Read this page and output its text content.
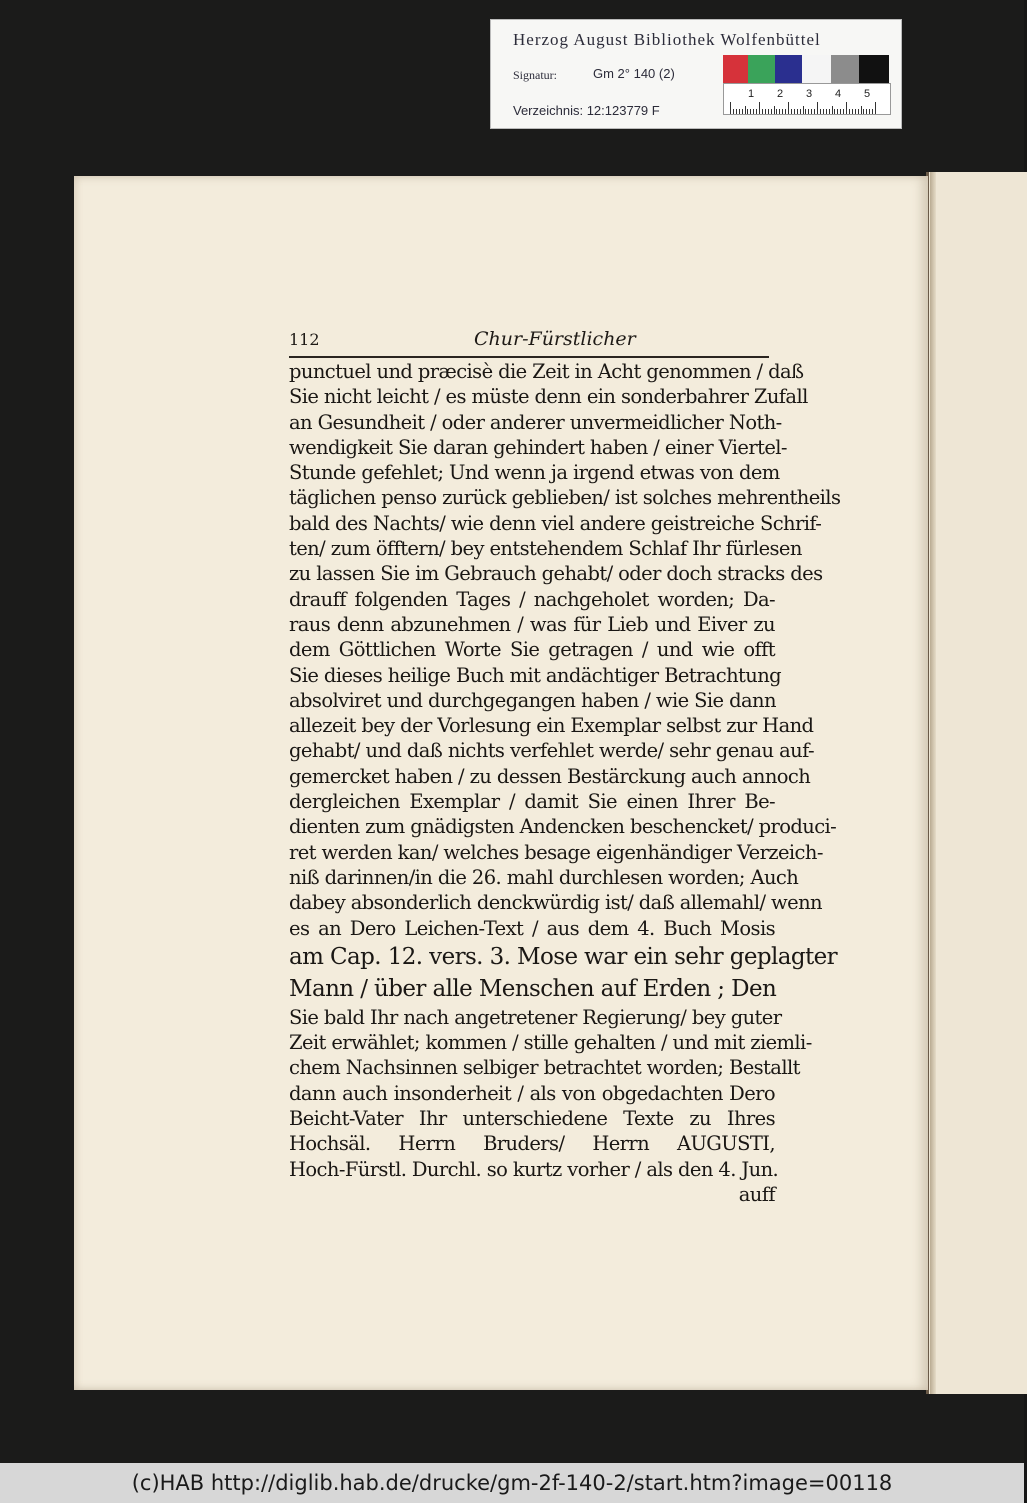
Herzog August Bibliothek Wolfenbüttel
Signatur:	Gm 2° 140 (2)
Verzeichnis: 12:123779 F
1 2 3 4 5
112	Chur-Fürstlicher
punctuel und præcisè die Zeit in Acht genommen / daß
Sie nicht leicht / es müste denn ein sonderbahrer Zufall
an Gesundheit / oder anderer unvermeidlicher Noth-
wendigkeit Sie daran gehindert haben / einer Viertel-
Stunde gefehlet; Und wenn ja irgend etwas von dem
täglichen penso zurück geblieben/ ist solches mehrentheils
bald des Nachts/ wie denn viel andere geistreiche Schrif-
ten/ zum öfftern/ bey entstehendem Schlaf Ihr fürlesen
zu lassen Sie im Gebrauch gehabt/ oder doch stracks des
drauff folgenden Tages / nachgeholet worden; Da-
raus denn abzunehmen / was für Lieb und Eiver zu
dem Göttlichen Worte Sie getragen / und wie offt
Sie dieses heilige Buch mit andächtiger Betrachtung
absolviret und durchgegangen haben / wie Sie dann
allezeit bey der Vorlesung ein Exemplar selbst zur Hand
gehabt/ und daß nichts verfehlet werde/ sehr genau auf-
gemercket haben / zu dessen Bestärckung auch annoch
dergleichen Exemplar / damit Sie einen Ihrer Be-
dienten zum gnädigsten Andencken beschencket/ produci-
ret werden kan/ welches besage eigenhändiger Verzeich-
niß darinnen/in die 26. mahl durchlesen worden; Auch
dabey absonderlich denckwürdig ist/ daß allemahl/ wenn
es an Dero Leichen-Text / aus dem 4. Buch Mosis
am Cap. 12. vers. 3. Mose war ein sehr geplagter
Mann / über alle Menschen auf Erden ; Den
Sie bald Ihr nach angetretener Regierung/ bey guter
Zeit erwählet; kommen / stille gehalten / und mit ziemli-
chem Nachsinnen selbiger betrachtet worden; Bestallt
dann auch insonderheit / als von obgedachten Dero
Beicht-Vater Ihr unterschiedene Texte zu Ihres
Hochsäl. Herrn Bruders/ Herrn AUGUSTI,
Hoch-Fürstl. Durchl. so kurtz vorher / als den 4. Jun.
auff
(c)HAB http://diglib.hab.de/drucke/gm-2f-140-2/start.htm?image=00118
